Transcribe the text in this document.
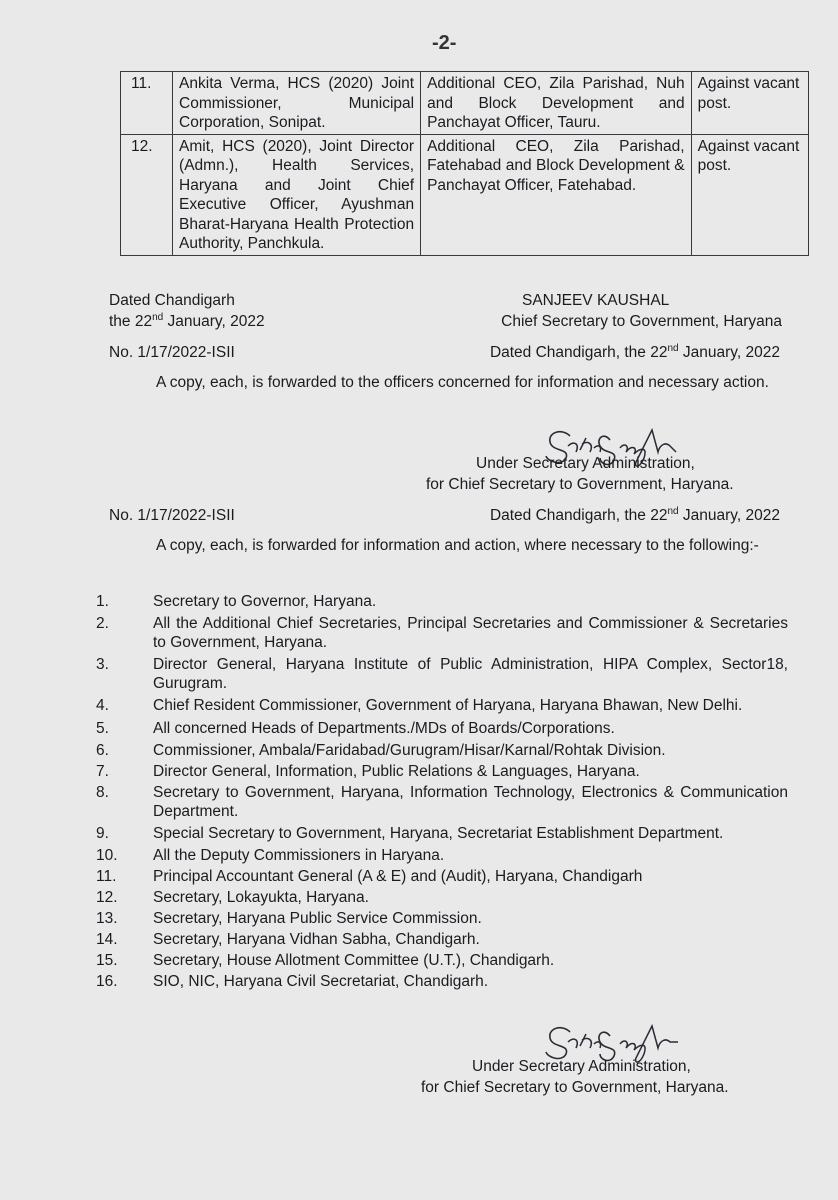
-2-
11.	Ankita Verma, HCS (2020) Joint Commissioner, Municipal Corporation, Sonipat.	Additional CEO, Zila Parishad, Nuh and Block Development and Panchayat Officer, Tauru.	Against vacant post.
12.	Amit, HCS (2020), Joint Director (Admn.), Health Services, Haryana and Joint Chief Executive Officer, Ayushman Bharat-Haryana Health Protection Authority, Panchkula.	Additional CEO, Zila Parishad, Fatehabad and Block Development & Panchayat Officer, Fatehabad.	Against vacant post.
Dated Chandigarh
the 22nd January, 2022
SANJEEV KAUSHAL
Chief Secretary to Government, Haryana
No. 1/17/2022-ISII	Dated Chandigarh, the 22nd January, 2022
A copy, each, is forwarded to the officers concerned for information and necessary action.
Under Secretary Administration,
for Chief Secretary to Government, Haryana.
No. 1/17/2022-ISII	Dated Chandigarh, the 22nd January, 2022
A copy, each, is forwarded for information and action, where necessary to the following:-
1.	Secretary to Governor, Haryana.
2.	All the Additional Chief Secretaries, Principal Secretaries and Commissioner & Secretaries to Government, Haryana.
3.	Director General, Haryana Institute of Public Administration, HIPA Complex, Sector18, Gurugram.
4.	Chief Resident Commissioner, Government of Haryana, Haryana Bhawan, New Delhi.
5.	All concerned Heads of Departments./MDs of Boards/Corporations.
6.	Commissioner, Ambala/Faridabad/Gurugram/Hisar/Karnal/Rohtak Division.
7.	Director General, Information, Public Relations & Languages, Haryana.
8.	Secretary to Government, Haryana, Information Technology, Electronics & Communication Department.
9.	Special Secretary to Government, Haryana, Secretariat Establishment Department.
10. All the Deputy Commissioners in Haryana.
11. Principal Accountant General (A & E) and (Audit), Haryana, Chandigarh
12. Secretary, Lokayukta, Haryana.
13. Secretary, Haryana Public Service Commission.
14. Secretary, Haryana Vidhan Sabha, Chandigarh.
15. Secretary, House Allotment Committee (U.T.), Chandigarh.
16. SIO, NIC, Haryana Civil Secretariat, Chandigarh.
Under Secretary Administration,
for Chief Secretary to Government, Haryana.
